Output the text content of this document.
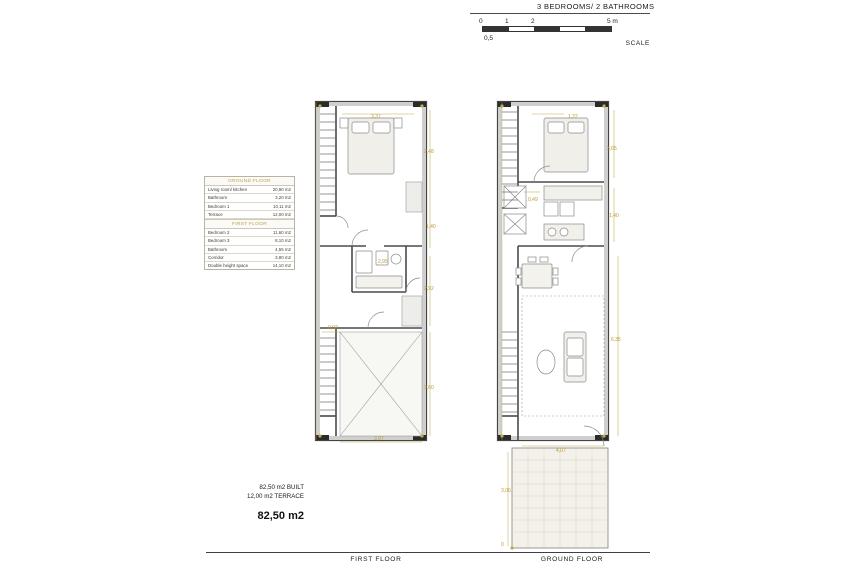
3 BEDROOMS/ 2 BATHROOMS
0	1	2	5 m
0,5
SCALE
GROUND FLOOR
Living room/ kitchen	20,90 m2
Bathroom	3,20 m2
Bedroom 1	10,11 m2
Terrace	12,00 m2
FIRST FLOOR
Bedroom 2	11,60 m2
Bedroom 3	8,10 m2
Bathroom	4,55 m2
Corridor	3,80 m2
Double height space	14,10 m2
82,50 m2 BUILT
12,00 m2 TERRACE
82,50 m2
3,37
2,48
1,40
2,95
2,92
0,92
3,60
3,97
1,22
3,65
0,49
1,40
6,35
4,07
3,06
0
FIRST FLOOR	GROUND FLOOR
